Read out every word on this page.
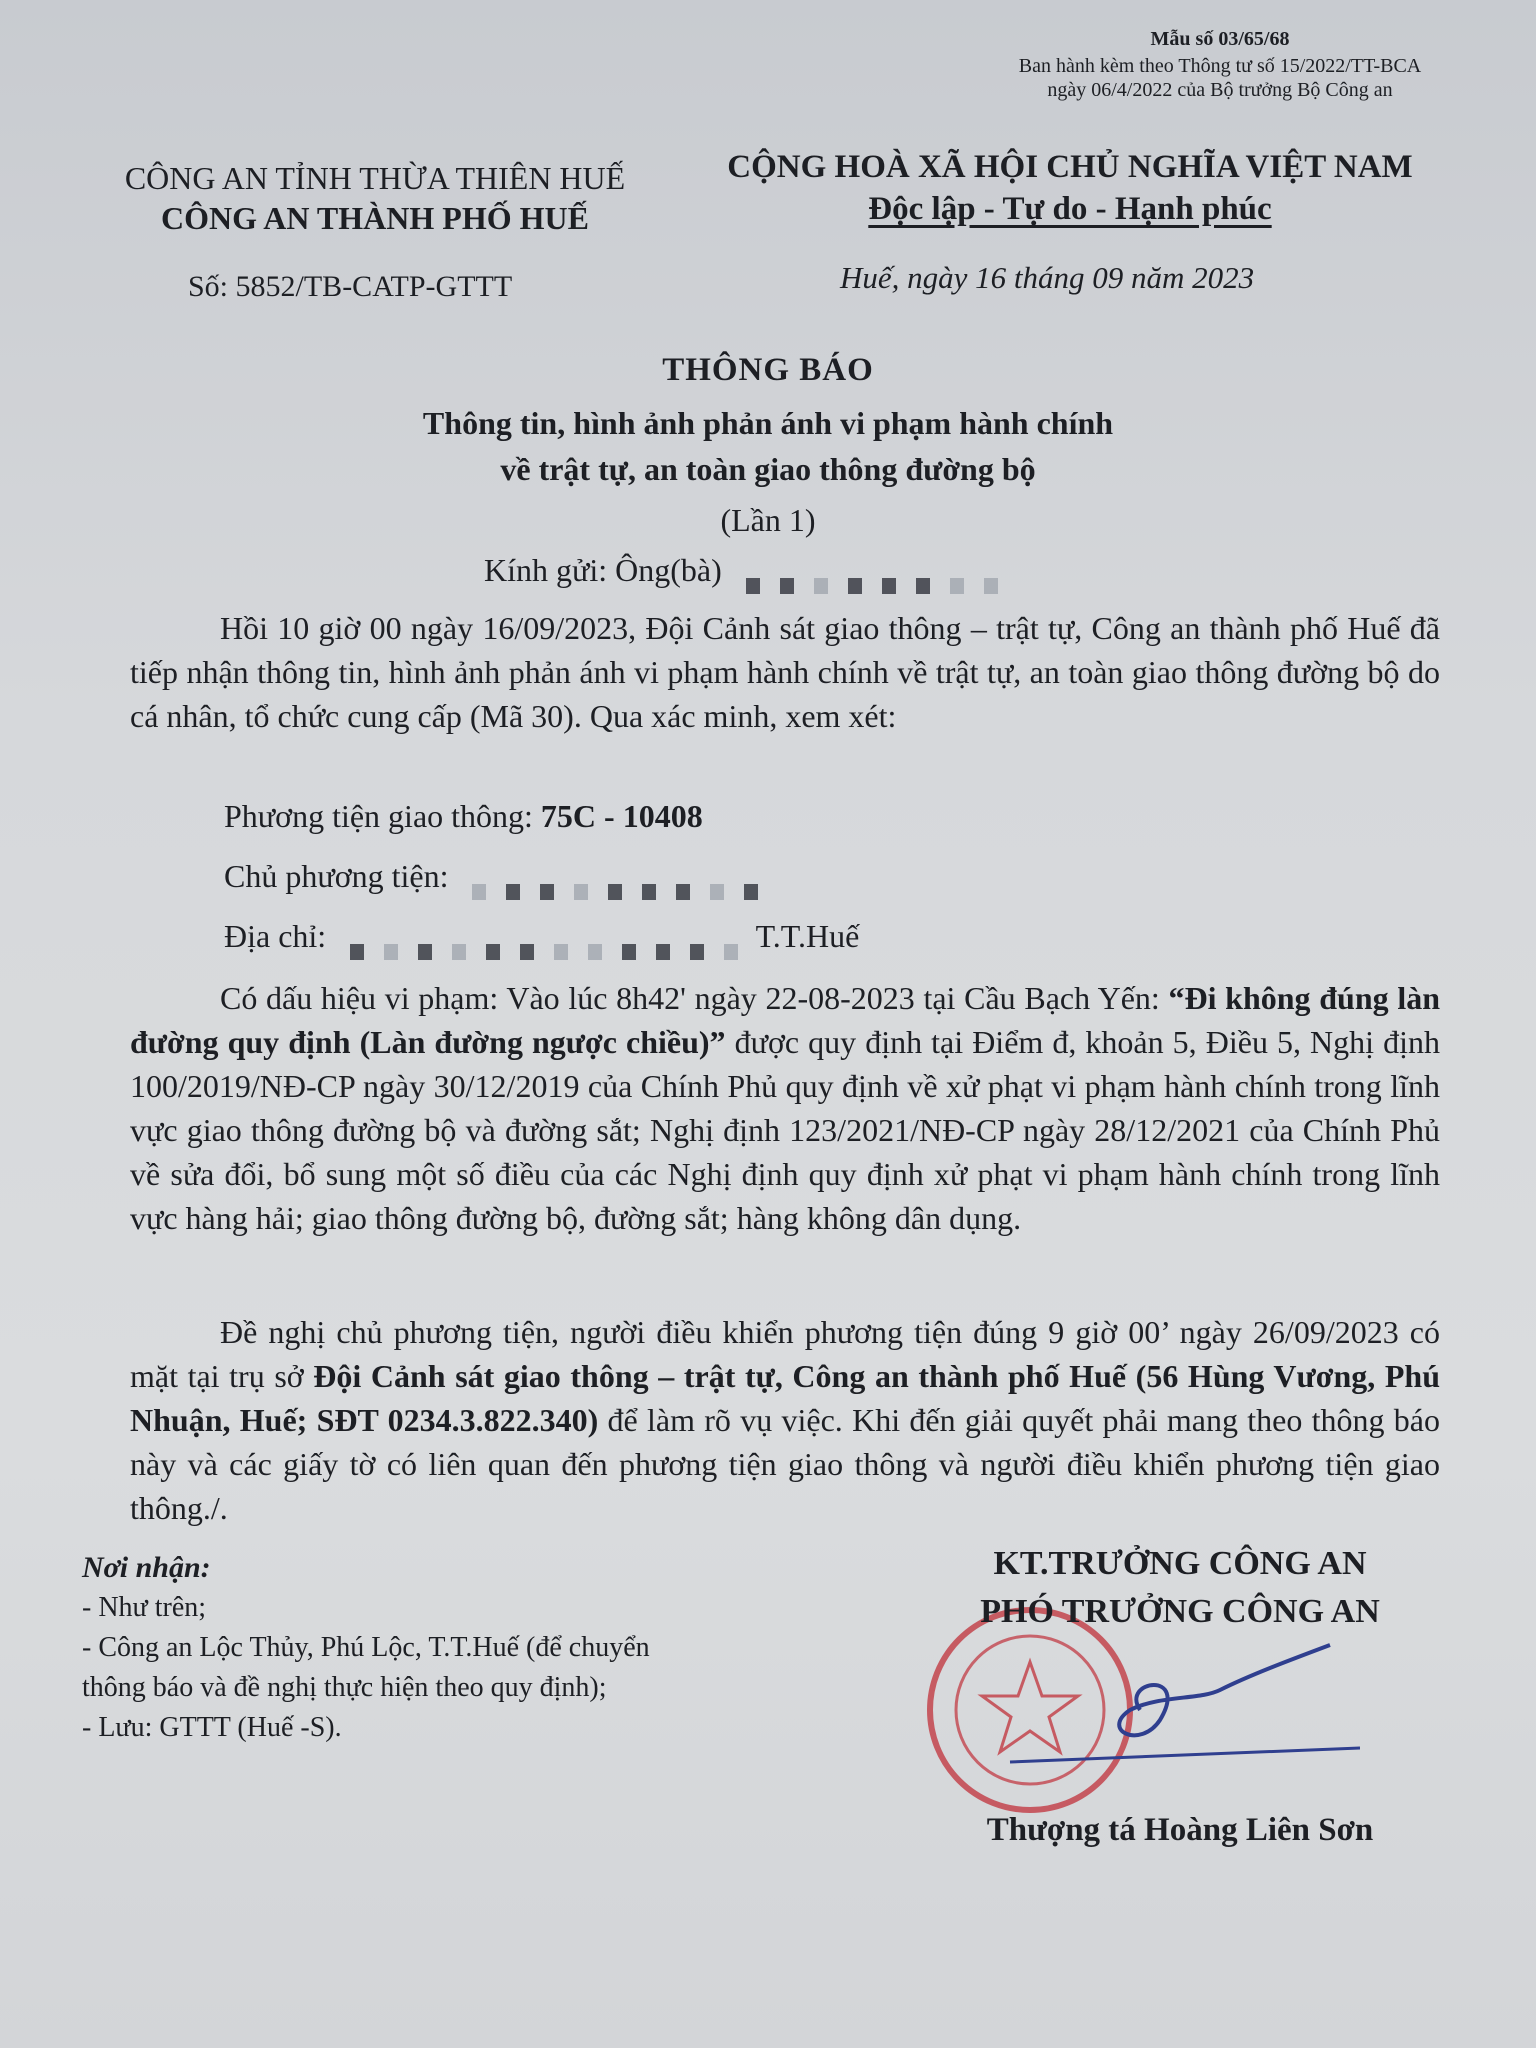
Mẫu số 03/65/68
Ban hành kèm theo Thông tư số 15/2022/TT-BCA
ngày 06/4/2022 của Bộ trưởng Bộ Công an
CÔNG AN TỈNH THỪA THIÊN HUẾ
CÔNG AN THÀNH PHỐ HUẾ
CỘNG HOÀ XÃ HỘI CHỦ NGHĨA VIỆT NAM
Độc lập - Tự do - Hạnh phúc
Số: 5852/TB-CATP-GTTT	Huế, ngày 16 tháng 09 năm 2023
THÔNG BÁO
Thông tin, hình ảnh phản ánh vi phạm hành chính
về trật tự, an toàn giao thông đường bộ
(Lần 1)
Kính gửi: Ông(bà)
Hồi 10 giờ 00 ngày 16/09/2023, Đội Cảnh sát giao thông – trật tự, Công an thành phố Huế đã tiếp nhận thông tin, hình ảnh phản ánh vi phạm hành chính về trật tự, an toàn giao thông đường bộ do cá nhân, tổ chức cung cấp (Mã 30). Qua xác minh, xem xét:
Phương tiện giao thông: 75C - 10408
Chủ phương tiện:
Địa chỉ:	T.T.Huế
Có dấu hiệu vi phạm: Vào lúc 8h42' ngày 22-08-2023 tại Cầu Bạch Yến: “Đi không đúng làn đường quy định (Làn đường ngược chiều)” được quy định tại Điểm đ, khoản 5, Điều 5, Nghị định 100/2019/NĐ-CP ngày 30/12/2019 của Chính Phủ quy định về xử phạt vi phạm hành chính trong lĩnh vực giao thông đường bộ và đường sắt; Nghị định 123/2021/NĐ-CP ngày 28/12/2021 của Chính Phủ về sửa đổi, bổ sung một số điều của các Nghị định quy định xử phạt vi phạm hành chính trong lĩnh vực hàng hải; giao thông đường bộ, đường sắt; hàng không dân dụng.
Đề nghị chủ phương tiện, người điều khiển phương tiện đúng 9 giờ 00’ ngày 26/09/2023 có mặt tại trụ sở Đội Cảnh sát giao thông – trật tự, Công an thành phố Huế (56 Hùng Vương, Phú Nhuận, Huế; SĐT 0234.3.822.340) để làm rõ vụ việc. Khi đến giải quyết phải mang theo thông báo này và các giấy tờ có liên quan đến phương tiện giao thông và người điều khiển phương tiện giao thông./.
Nơi nhận:
- Như trên;
- Công an Lộc Thủy, Phú Lộc, T.T.Huế (để chuyển
thông báo và đề nghị thực hiện theo quy định);
- Lưu: GTTT (Huế -S).
KT.TRƯỞNG CÔNG AN
PHÓ TRƯỞNG CÔNG AN
Thượng tá Hoàng Liên Sơn
